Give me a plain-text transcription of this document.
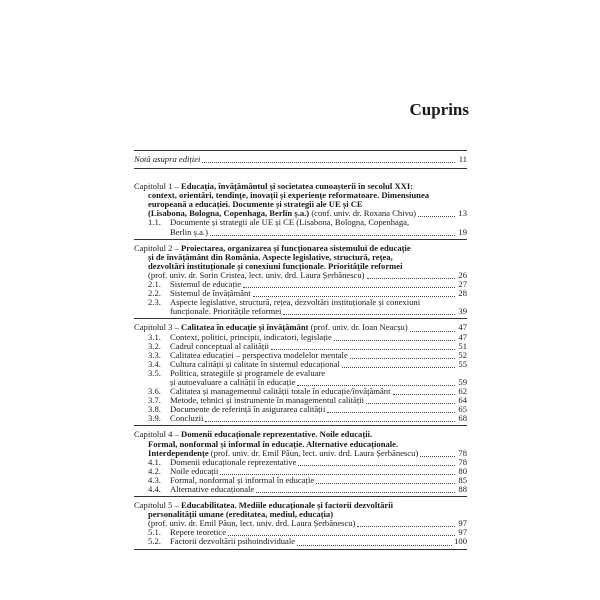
Cuprins
Notă asupra ediției	11
Capitolul 1 – Educația, învățământul și societatea cunoașterii în secolul XXI:
context, orientări, tendințe, inovații și experiențe reformatoare. Dimensiunea
europeană a educației. Documente și strategii ale UE și CE
(Lisabona, Bologna, Copenhaga, Berlin ș.a.) (conf. univ. dr. Roxana Chivu)	13
1.1. Documente și strategii ale UE și CE (Lisabona, Bologna, Copenhaga,
Berlin ș.a.)	19
Capitolul 2 – Proiectarea, organizarea și funcționarea sistemului de educație
și de învățământ din România. Aspecte legislative, structură, rețea,
dezvoltări instituționale și conexiuni funcționale. Prioritățile reformei
(prof. univ. dr. Sorin Cristea, lect. univ. drd. Laura Șerbănescu)	26
2.1. Sistemul de educație	27
2.2. Sistemul de învățământ	28
2.3. Aspecte legislative, structură, rețea, dezvoltări instituționale și conexiuni
funcționale. Prioritățile reformei	39
Capitolul 3 – Calitatea în educație și învățământ (prof. univ. dr. Ioan Neacșu)	47
3.1. Context, politici, principii, indicatori, legislație	47
3.2. Cadrul conceptual al calității	51
3.3. Calitatea educației – perspectiva modelelor mentale	52
3.4. Cultura calității și calitate în sistemul educațional	55
3.5. Politica, strategiile și programele de evaluare
și autoevaluare a calității în educație	59
3.6. Calitatea și managementul calității totale în educație/învățământ	62
3.7. Metode, tehnici și instrumente în managementul calității	64
3.8. Documente de referință în asigurarea calității	65
3.9. Concluzii	68
Capitolul 4 – Domenii educaționale reprezentative. Noile educații.
Formal, nonformal și informal în educație. Alternative educaționale.
Interdependențe (prof. univ. dr. Emil Păun, lect. univ. drd. Laura Șerbănescu)	78
4.1. Domenii educaționale reprezentative	78
4.2. Noile educații	80
4.3. Formal, nonformal și informal în educație	85
4.4. Alternative educaționale	88
Capitolul 5 – Educabilitatea. Mediile educaționale și factorii dezvoltării
personalității umane (ereditatea, mediul, educația)
(prof. univ. dr. Emil Păun, lect. univ. drd. Laura Șerbănescu)	97
5.1. Repere teoretice	97
5.2. Factorii dezvoltării psihoindividuale	100
